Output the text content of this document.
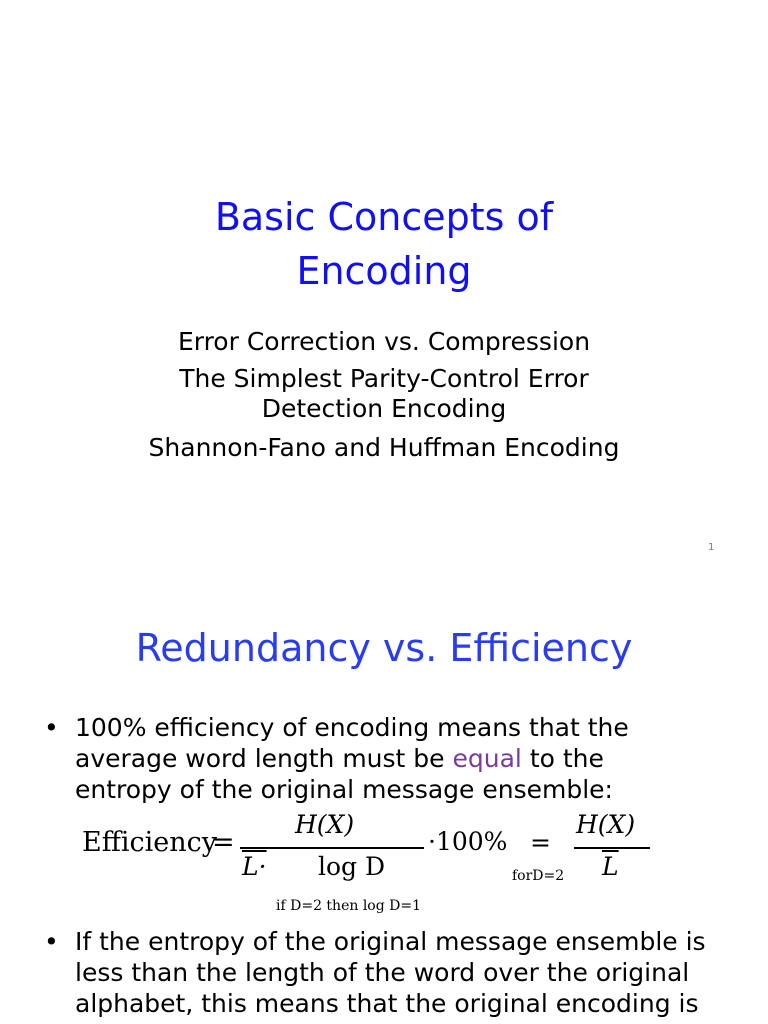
Basic Concepts of
Encoding
Error Correction vs. Compression
The Simplest Parity-Control Error
Detection Encoding
Shannon-Fano and Huffman Encoding
1
Redundancy vs. Efficiency
• 100% efficiency of encoding means that the
average word length must be equal to the
entropy of the original message ensemble:
Efficiency
=
H(X)
L· log D
·100% =
forD=2
H(X)
$\overline{L}$
if D=2 then log D=1
• If the entropy of the original message ensemble is
less than the length of the word over the original
alphabet, this means that the original encoding is
